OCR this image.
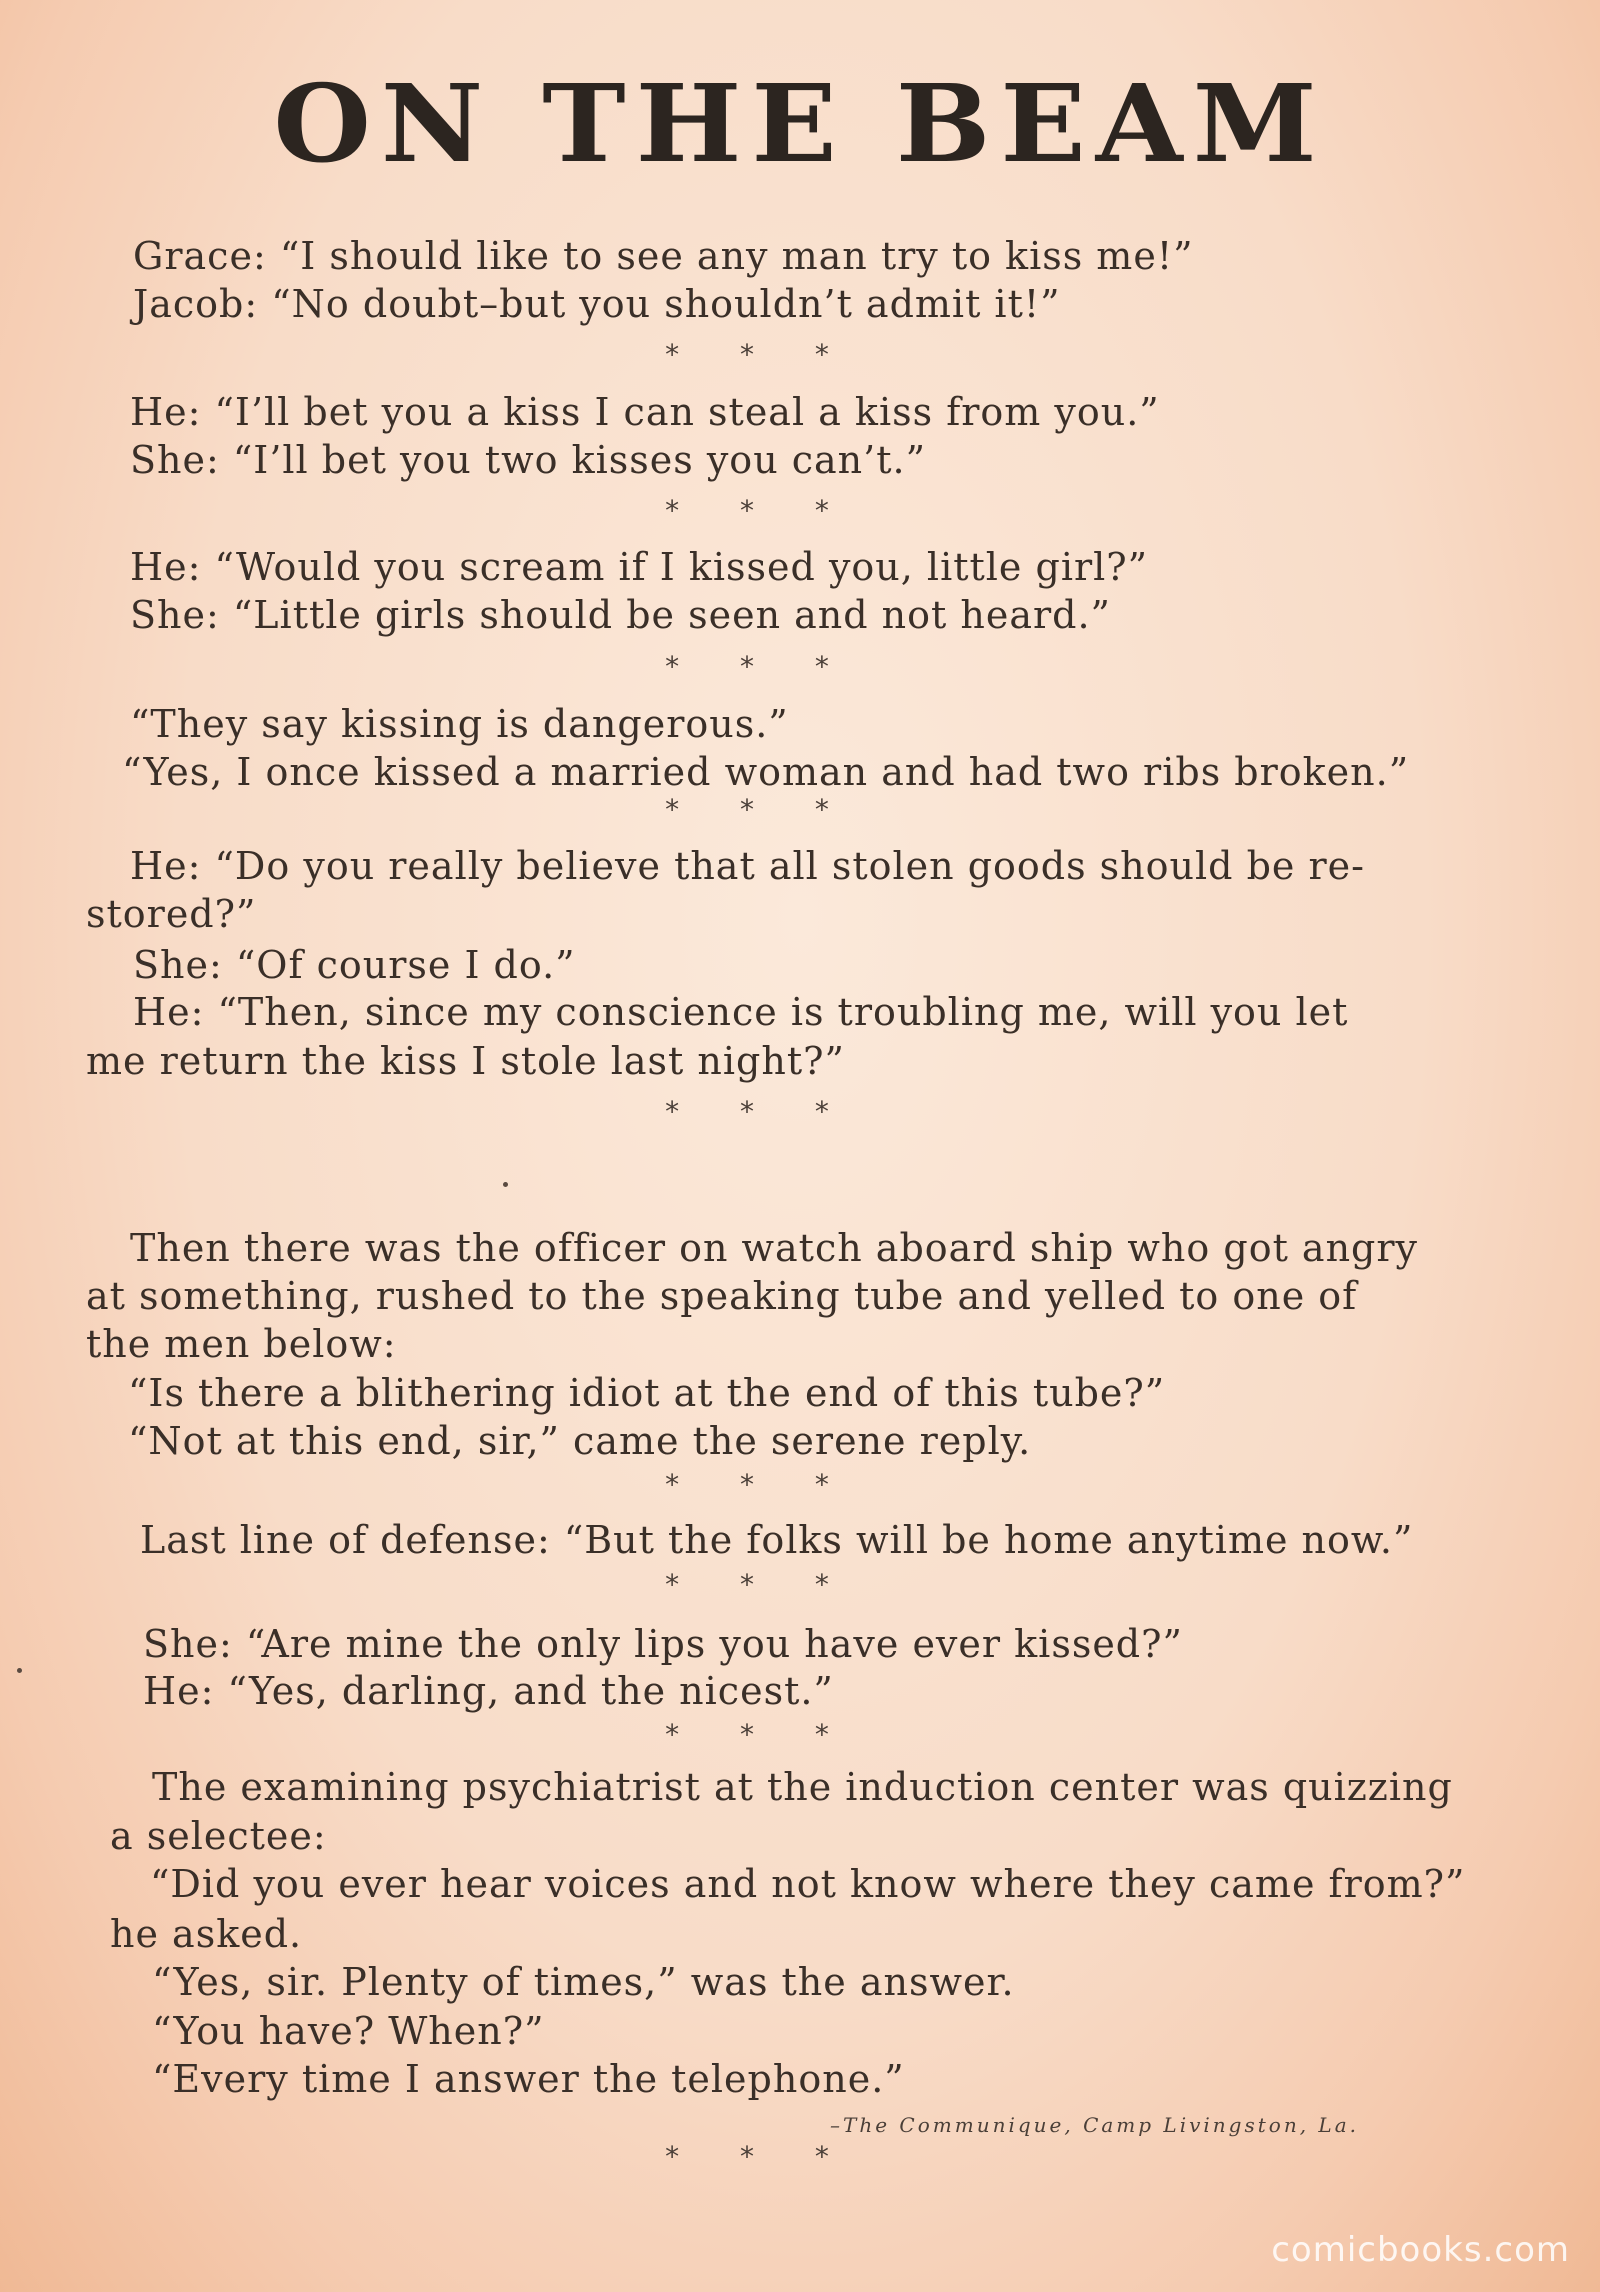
ON THE BEAM
Grace: “I should like to see any man try to kiss me!”
Jacob: “No doubt–but you shouldn’t admit it!”
* * *
He: “I’ll bet you a kiss I can steal a kiss from you.”
She: “I’ll bet you two kisses you can’t.”
* * *
He: “Would you scream if I kissed you, little girl?”
She: “Little girls should be seen and not heard.”
* * *
“They say kissing is dangerous.”
“Yes, I once kissed a married woman and had two ribs broken.”
* * *
He: “Do you really believe that all stolen goods should be re-
stored?”
She: “Of course I do.”
He: “Then, since my conscience is troubling me, will you let
me return the kiss I stole last night?”
* * *
Then there was the officer on watch aboard ship who got angry
at something, rushed to the speaking tube and yelled to one of
the men below:
“Is there a blithering idiot at the end of this tube?”
“Not at this end, sir,” came the serene reply.
* * *
Last line of defense: “But the folks will be home anytime now.”
* * *
She: “Are mine the only lips you have ever kissed?”
He: “Yes, darling, and the nicest.”
* * *
The examining psychiatrist at the induction center was quizzing
a selectee:
“Did you ever hear voices and not know where they came from?”
he asked.
“Yes, sir. Plenty of times,” was the answer.
“You have? When?”
“Every time I answer the telephone.”
–The Communique, Camp Livingston, La.
* * *
comicbooks.com
